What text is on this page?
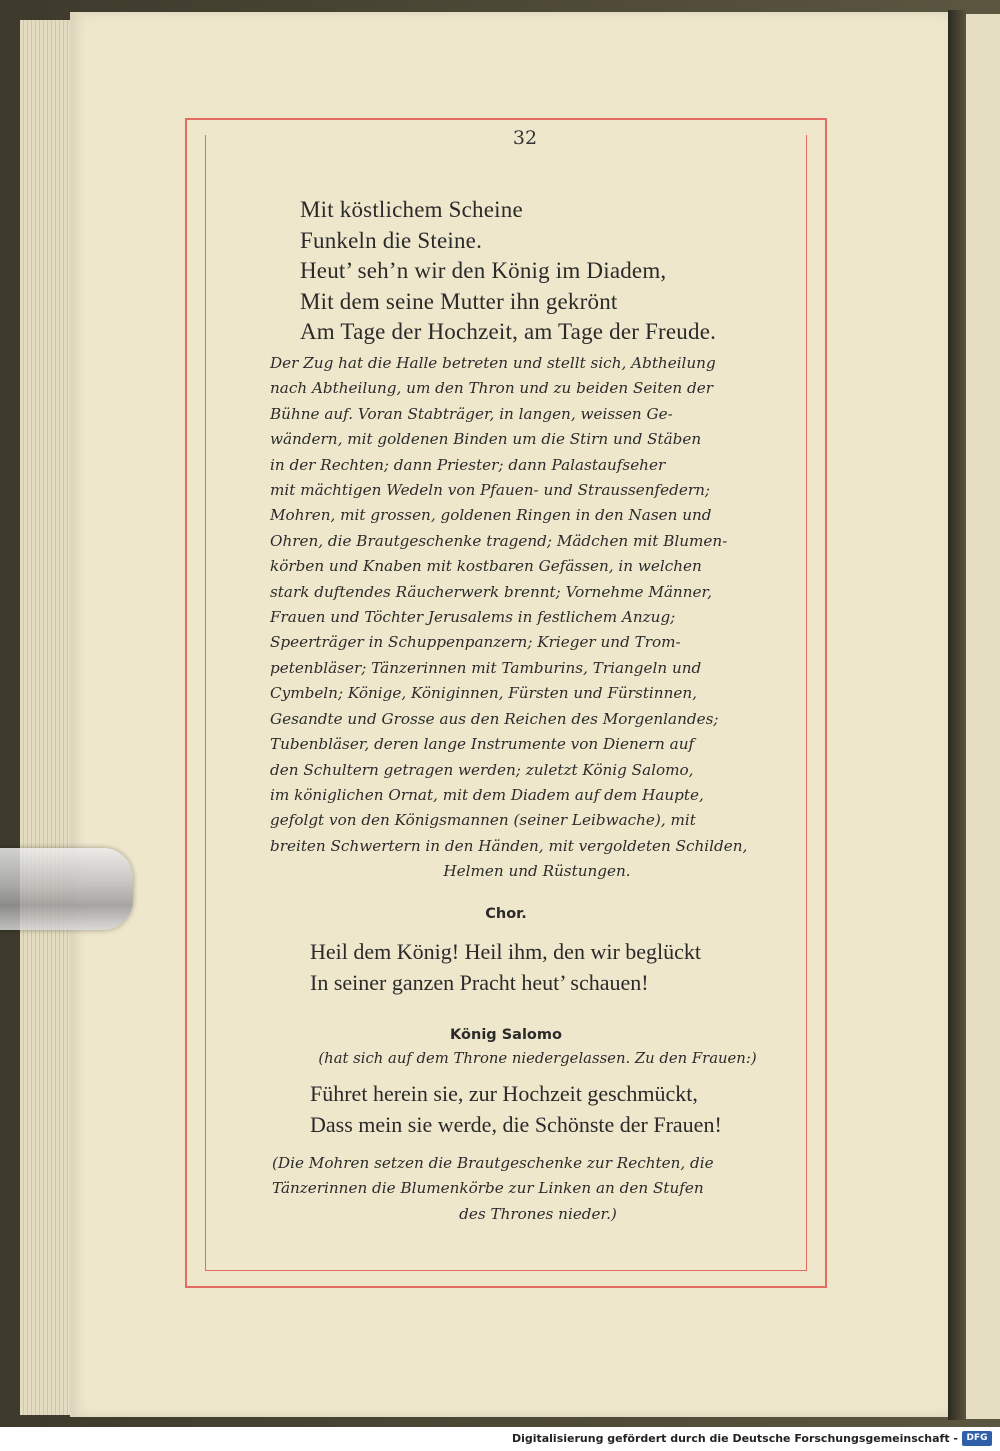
32
Mit köstlichem Scheine
Funkeln die Steine.
Heut’ seh’n wir den König im Diadem,
Mit dem seine Mutter ihn gekrönt
Am Tage der Hochzeit, am Tage der Freude.
Der Zug hat die Halle betreten und stellt sich, Abtheilung
nach Abtheilung, um den Thron und zu beiden Seiten der
Bühne auf. Voran Stabträger, in langen, weissen Ge-
wändern, mit goldenen Binden um die Stirn und Stäben
in der Rechten; dann Priester; dann Palastaufseher
mit mächtigen Wedeln von Pfauen- und Straussenfedern;
Mohren, mit grossen, goldenen Ringen in den Nasen und
Ohren, die Brautgeschenke tragend; Mädchen mit Blumen-
körben und Knaben mit kostbaren Gefässen, in welchen
stark duftendes Räucherwerk brennt; Vornehme Männer,
Frauen und Töchter Jerusalems in festlichem Anzug;
Speerträger in Schuppenpanzern; Krieger und Trom-
petenbläser; Tänzerinnen mit Tamburins, Triangeln und
Cymbeln; Könige, Königinnen, Fürsten und Fürstinnen,
Gesandte und Grosse aus den Reichen des Morgenlandes;
Tubenbläser, deren lange Instrumente von Dienern auf
den Schultern getragen werden; zuletzt König Salomo,
im königlichen Ornat, mit dem Diadem auf dem Haupte,
gefolgt von den Königsmannen (seiner Leibwache), mit
breiten Schwertern in den Händen, mit vergoldeten Schilden,
Helmen und Rüstungen.
Chor.
Heil dem König! Heil ihm, den wir beglückt
In seiner ganzen Pracht heut’ schauen!
König Salomo
(hat sich auf dem Throne niedergelassen. Zu den Frauen:)
Führet herein sie, zur Hochzeit geschmückt,
Dass mein sie werde, die Schönste der Frauen!
(Die Mohren setzen die Brautgeschenke zur Rechten, die
Tänzerinnen die Blumenkörbe zur Linken an den Stufen
des Thrones nieder.)
Digitalisierung gefördert durch die Deutsche Forschungsgemeinschaft - DFG
